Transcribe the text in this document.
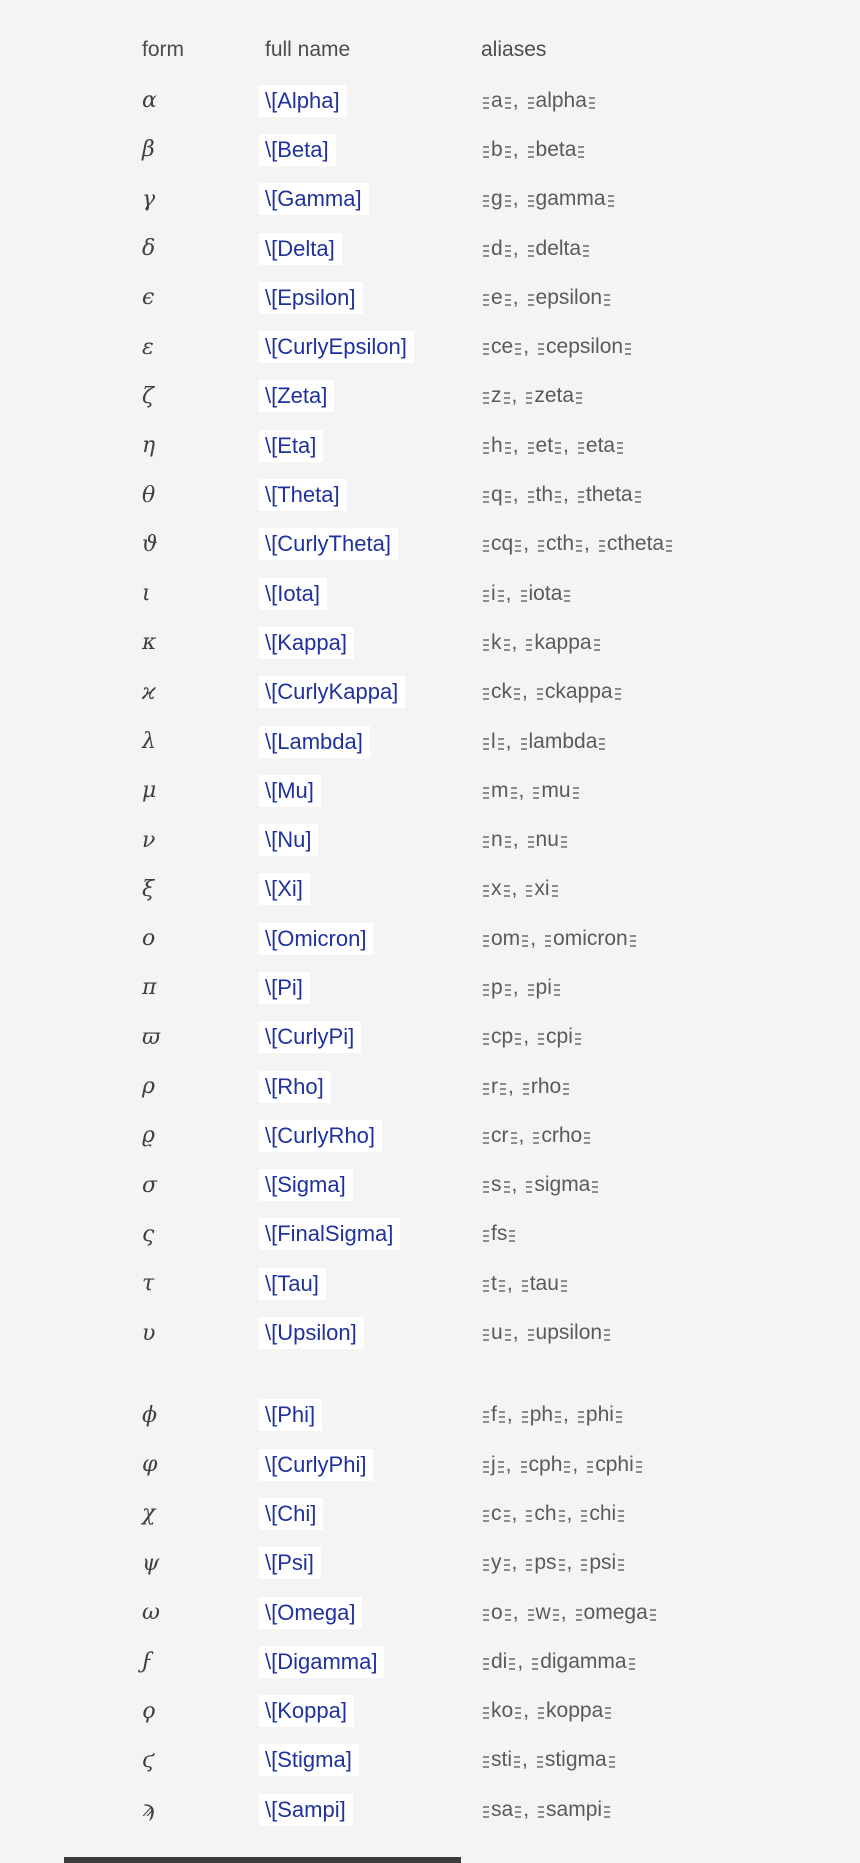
form	full name	aliases
α	\[Alpha]	a , alpha
β	\[Beta]	b , beta
γ	\[Gamma]	g , gamma
δ	\[Delta]	d , delta
ϵ	\[Epsilon]	e , epsilon
ε	\[CurlyEpsilon]	ce , cepsilon
ζ	\[Zeta]	z , zeta
η	\[Eta]	h , et , eta
θ	\[Theta]	q , th , theta
ϑ	\[CurlyTheta]	cq , cth , ctheta
ι	\[Iota]	i , iota
κ	\[Kappa]	k , kappa
ϰ	\[CurlyKappa]	ck , ckappa
λ	\[Lambda]	l , lambda
μ	\[Mu]	m , mu
ν	\[Nu]	n , nu
ξ	\[Xi]	x , xi
ο	\[Omicron]	om , omicron
π	\[Pi]	p , pi
ϖ	\[CurlyPi]	cp , cpi
ρ	\[Rho]	r , rho
ϱ	\[CurlyRho]	cr , crho
σ	\[Sigma]	s , sigma
ς	\[FinalSigma]	fs
τ	\[Tau]	t , tau
υ	\[Upsilon]	u , upsilon
ϕ	\[Phi]	f , ph , phi
φ	\[CurlyPhi]	j , cph , cphi
χ	\[Chi]	c , ch , chi
ψ	\[Psi]	y , ps , psi
ω	\[Omega]	o , w , omega
ϝ	\[Digamma]	di , digamma
ϙ	\[Koppa]	ko , koppa
ϛ	\[Stigma]	sti , stigma
ϡ	\[Sampi]	sa , sampi
